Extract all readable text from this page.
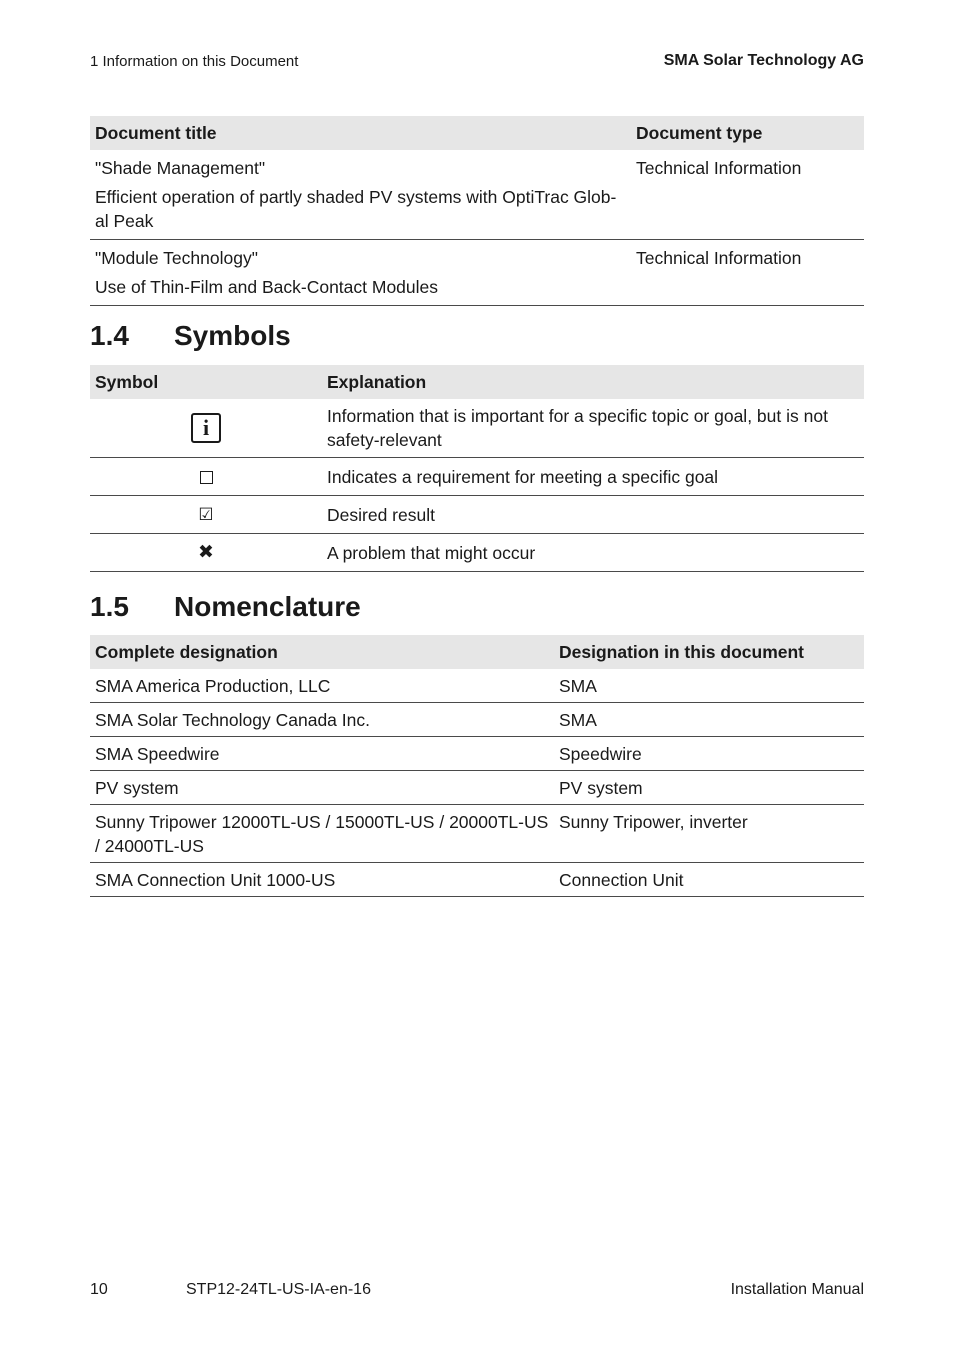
1 Information on this Document	SMA Solar Technology AG
Document title	Document type

"Shade Management"
Efficient operation of partly shaded PV systems with OptiTrac Glob-al Peak	Technical Information

"Module Technology"
Use of Thin-Film and Back-Contact Modules	Technical Information
1.4 Symbols
Symbol	Explanation
i	Information that is important for a specific topic or goal, but is not safety-relevant
	Indicates a requirement for meeting a specific goal
☑	Desired result
✖	A problem that might occur
1.5 Nomenclature
Complete designation	Designation in this document
SMA America Production, LLC	SMA
SMA Solar Technology Canada Inc.	SMA
SMA Speedwire	Speedwire
PV system	PV system
Sunny Tripower 12000TL-US / 15000TL-US / 20000TL-US / 24000TL-US	Sunny Tripower, inverter
SMA Connection Unit 1000-US	Connection Unit
10	STP12-24TL-US-IA-en-16	Installation Manual
